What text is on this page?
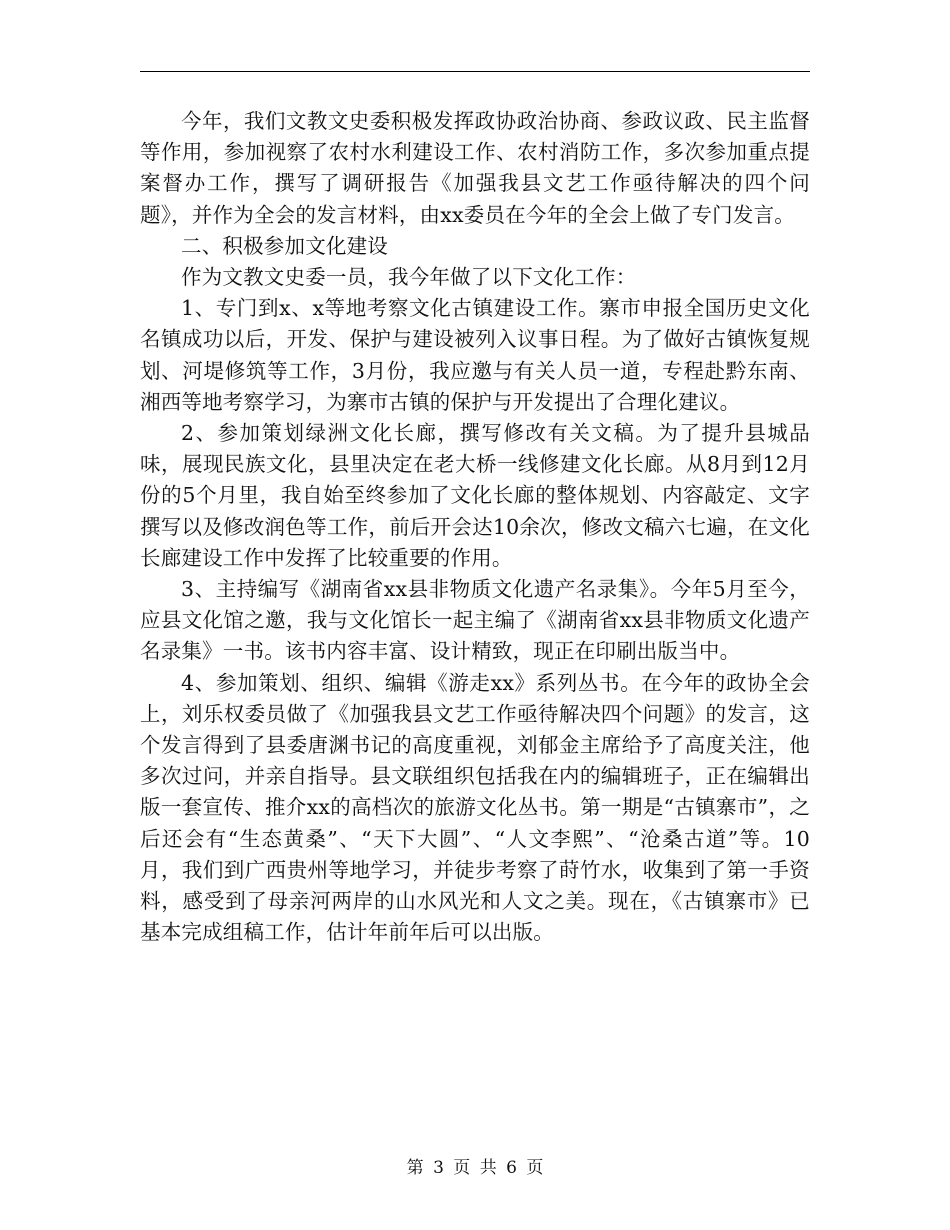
今年，我们文教文史委积极发挥政协政治协商、参政议政、民主监督等作用，参加视察了农村水利建设工作、农村消防工作，多次参加重点提案督办工作，撰写了调研报告《加强我县文艺工作亟待解决的四个问题》，并作为全会的发言材料，由xx委员在今年的全会上做了专门发言。

二、积极参加文化建设

作为文教文史委一员，我今年做了以下文化工作：

1、专门到x、x等地考察文化古镇建设工作。寨市申报全国历史文化名镇成功以后，开发、保护与建设被列入议事日程。为了做好古镇恢复规划、河堤修筑等工作，3月份，我应邀与有关人员一道，专程赴黔东南、湘西等地考察学习，为寨市古镇的保护与开发提出了合理化建议。

2、参加策划绿洲文化长廊，撰写修改有关文稿。为了提升县城品味，展现民族文化，县里决定在老大桥一线修建文化长廊。从8月到12月份的5个月里，我自始至终参加了文化长廊的整体规划、内容敲定、文字撰写以及修改润色等工作，前后开会达10余次，修改文稿六七遍，在文化长廊建设工作中发挥了比较重要的作用。

3、主持编写《湖南省xx县非物质文化遗产名录集》。今年5月至今，应县文化馆之邀，我与文化馆长一起主编了《湖南省xx县非物质文化遗产名录集》一书。该书内容丰富、设计精致，现正在印刷出版当中。

4、参加策划、组织、编辑《游走xx》系列丛书。在今年的政协全会上，刘乐权委员做了《加强我县文艺工作亟待解决四个问题》的发言，这个发言得到了县委唐渊书记的高度重视，刘郁金主席给予了高度关注，他多次过问，并亲自指导。县文联组织包括我在内的编辑班子，正在编辑出版一套宣传、推介xx的高档次的旅游文化丛书。第一期是“古镇寨市”，之后还会有“生态黄桑”、“天下大圆”、“人文李熙”、“沧桑古道”等。10月，我们到广西贵州等地学习，并徒步考察了莳竹水，收集到了第一手资料，感受到了母亲河两岸的山水风光和人文之美。现在，《古镇寨市》已基本完成组稿工作，估计年前年后可以出版。

第 3 页 共 6 页
